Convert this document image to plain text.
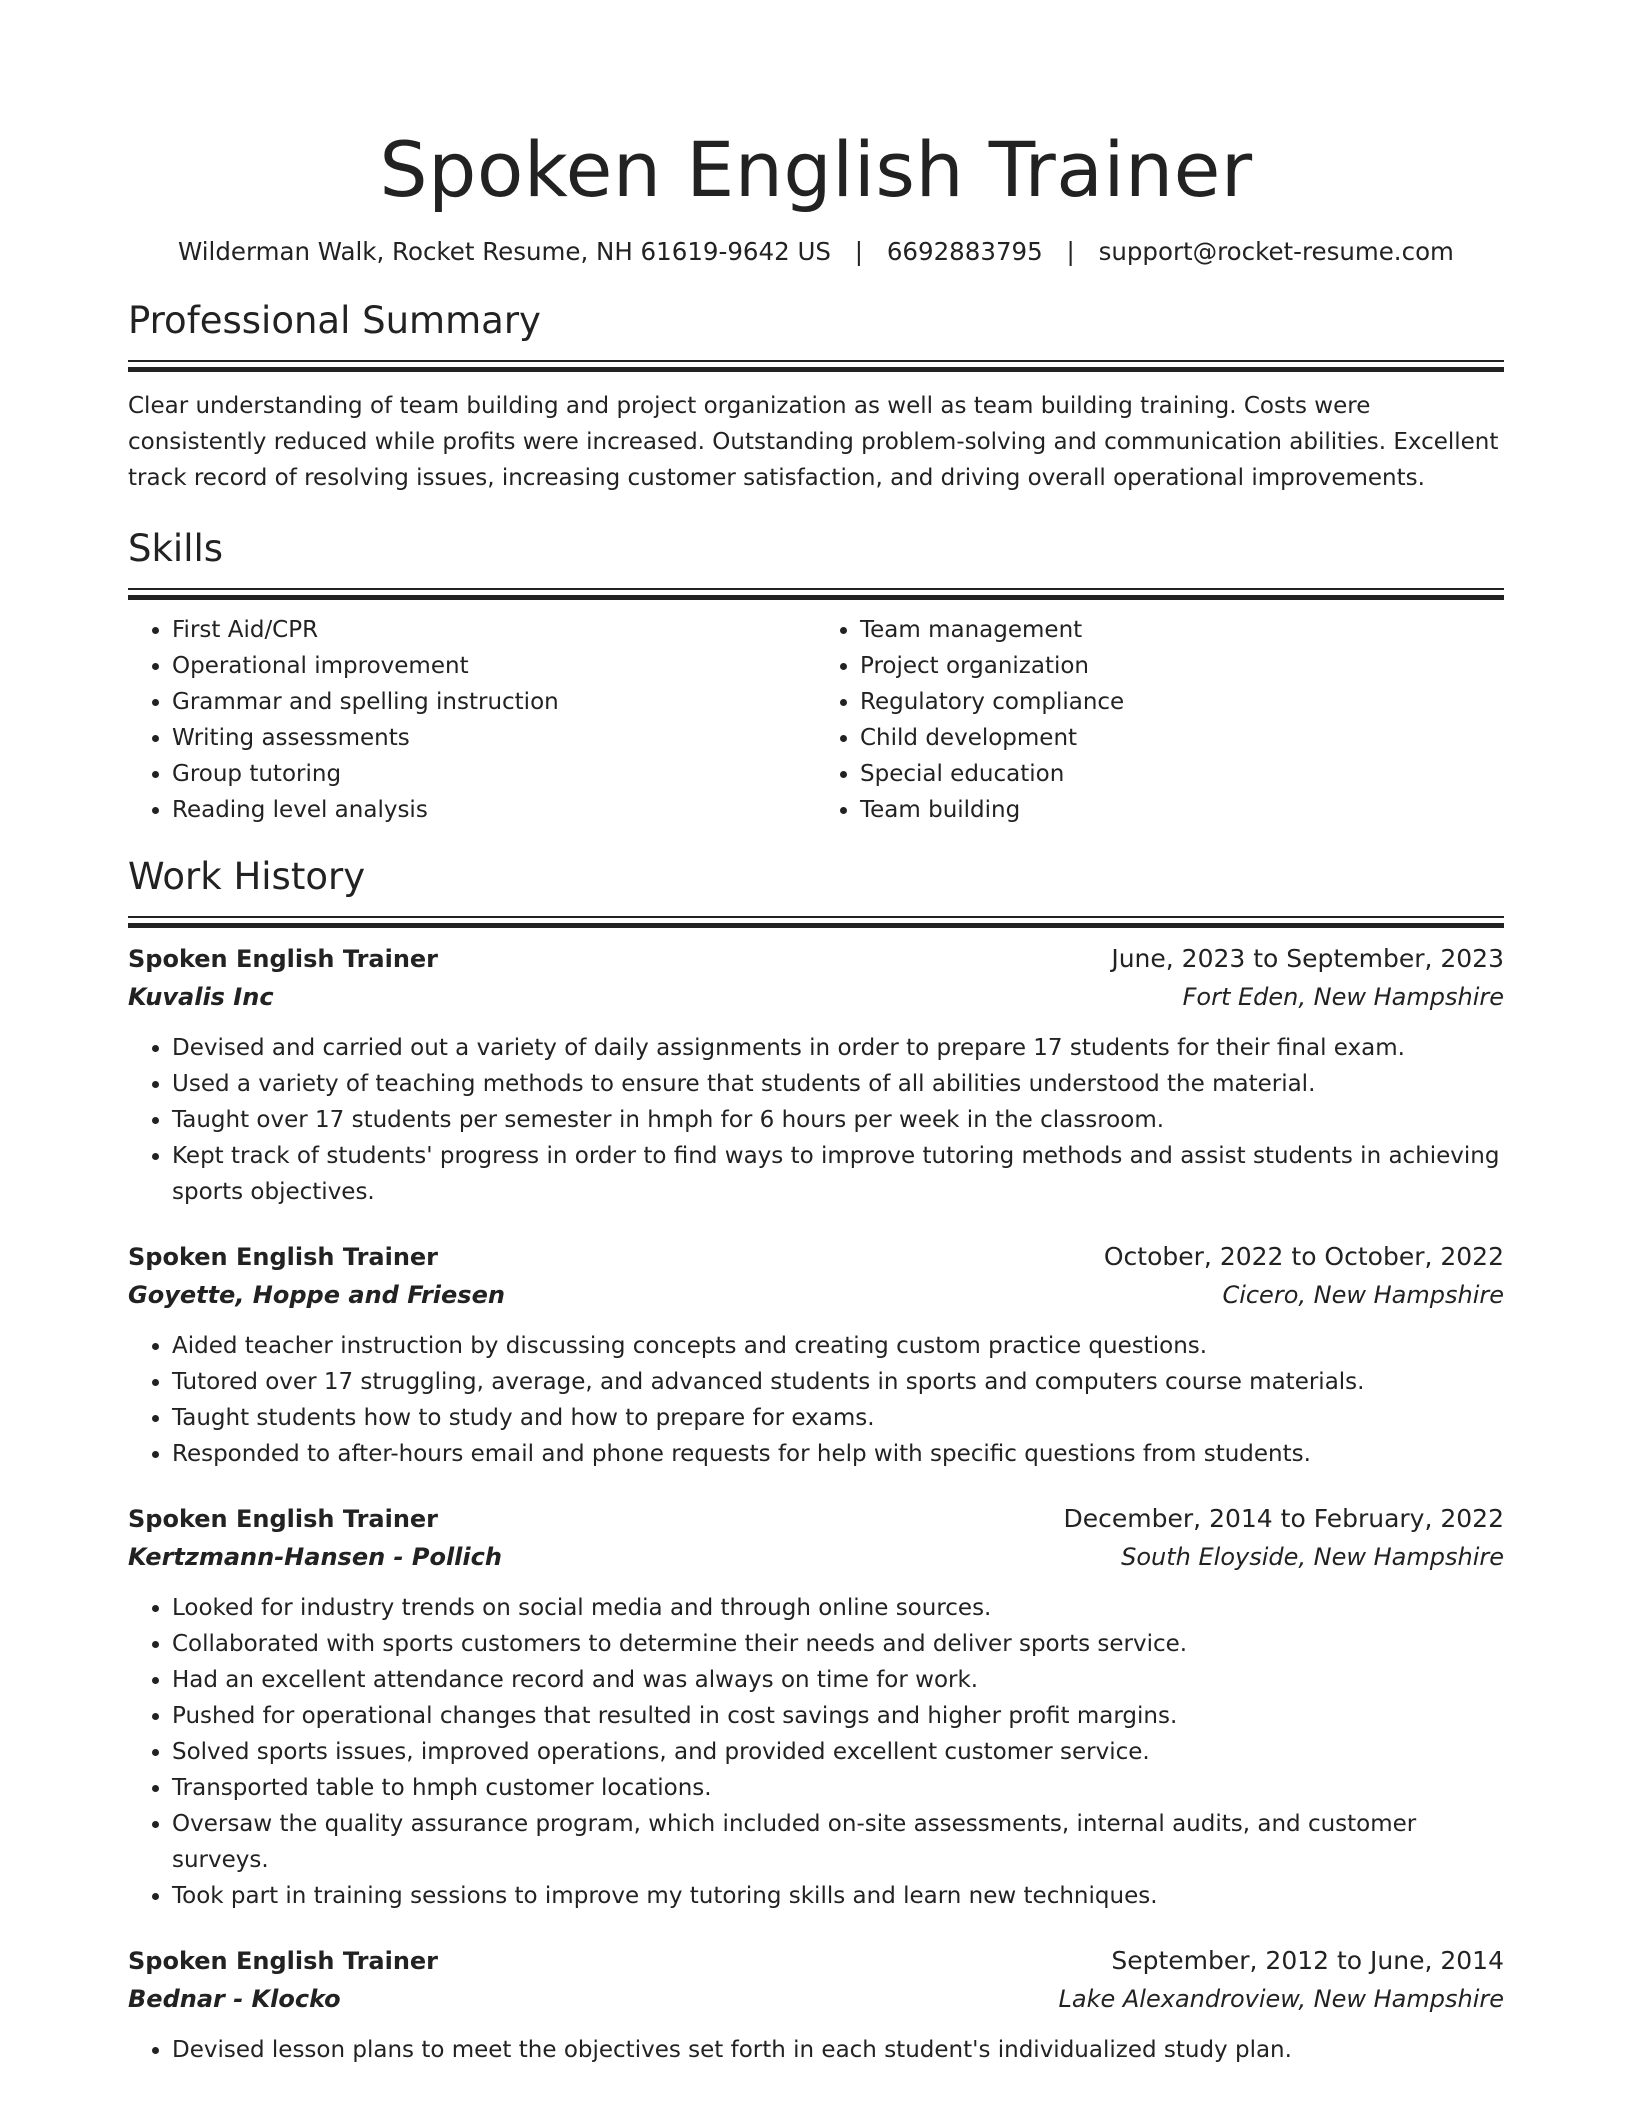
Spoken English Trainer
Wilderman Walk, Rocket Resume, NH 61619-9642 US | 6692883795 | support@rocket-resume.com
Professional Summary

Clear understanding of team building and project organization as well as team building training. Costs were consistently reduced while profits were increased. Outstanding problem-solving and communication abilities. Excellent track record of resolving issues, increasing customer satisfaction, and driving overall operational improvements.

Skills
• First Aid/CPR
• Operational improvement
• Grammar and spelling instruction
• Writing assessments
• Group tutoring
• Reading level analysis
• Team management
• Project organization
• Regulatory compliance
• Child development
• Special education
• Team building
Work History
Spoken English Trainer	June, 2023 to September, 2023
Kuvalis Inc	Fort Eden, New Hampshire
• Devised and carried out a variety of daily assignments in order to prepare 17 students for their final exam.
• Used a variety of teaching methods to ensure that students of all abilities understood the material.
• Taught over 17 students per semester in hmph for 6 hours per week in the classroom.
• Kept track of students' progress in order to find ways to improve tutoring methods and assist students in achieving sports objectives.
Spoken English Trainer	October, 2022 to October, 2022
Goyette, Hoppe and Friesen	Cicero, New Hampshire
• Aided teacher instruction by discussing concepts and creating custom practice questions.
• Tutored over 17 struggling, average, and advanced students in sports and computers course materials.
• Taught students how to study and how to prepare for exams.
• Responded to after-hours email and phone requests for help with specific questions from students.
Spoken English Trainer	December, 2014 to February, 2022
Kertzmann-Hansen - Pollich	South Eloyside, New Hampshire
• Looked for industry trends on social media and through online sources.
• Collaborated with sports customers to determine their needs and deliver sports service.
• Had an excellent attendance record and was always on time for work.
• Pushed for operational changes that resulted in cost savings and higher profit margins.
• Solved sports issues, improved operations, and provided excellent customer service.
• Transported table to hmph customer locations.
• Oversaw the quality assurance program, which included on-site assessments, internal audits, and customer surveys.
• Took part in training sessions to improve my tutoring skills and learn new techniques.
Spoken English Trainer	September, 2012 to June, 2014
Bednar - Klocko	Lake Alexandroview, New Hampshire
• Devised lesson plans to meet the objectives set forth in each student's individualized study plan.
